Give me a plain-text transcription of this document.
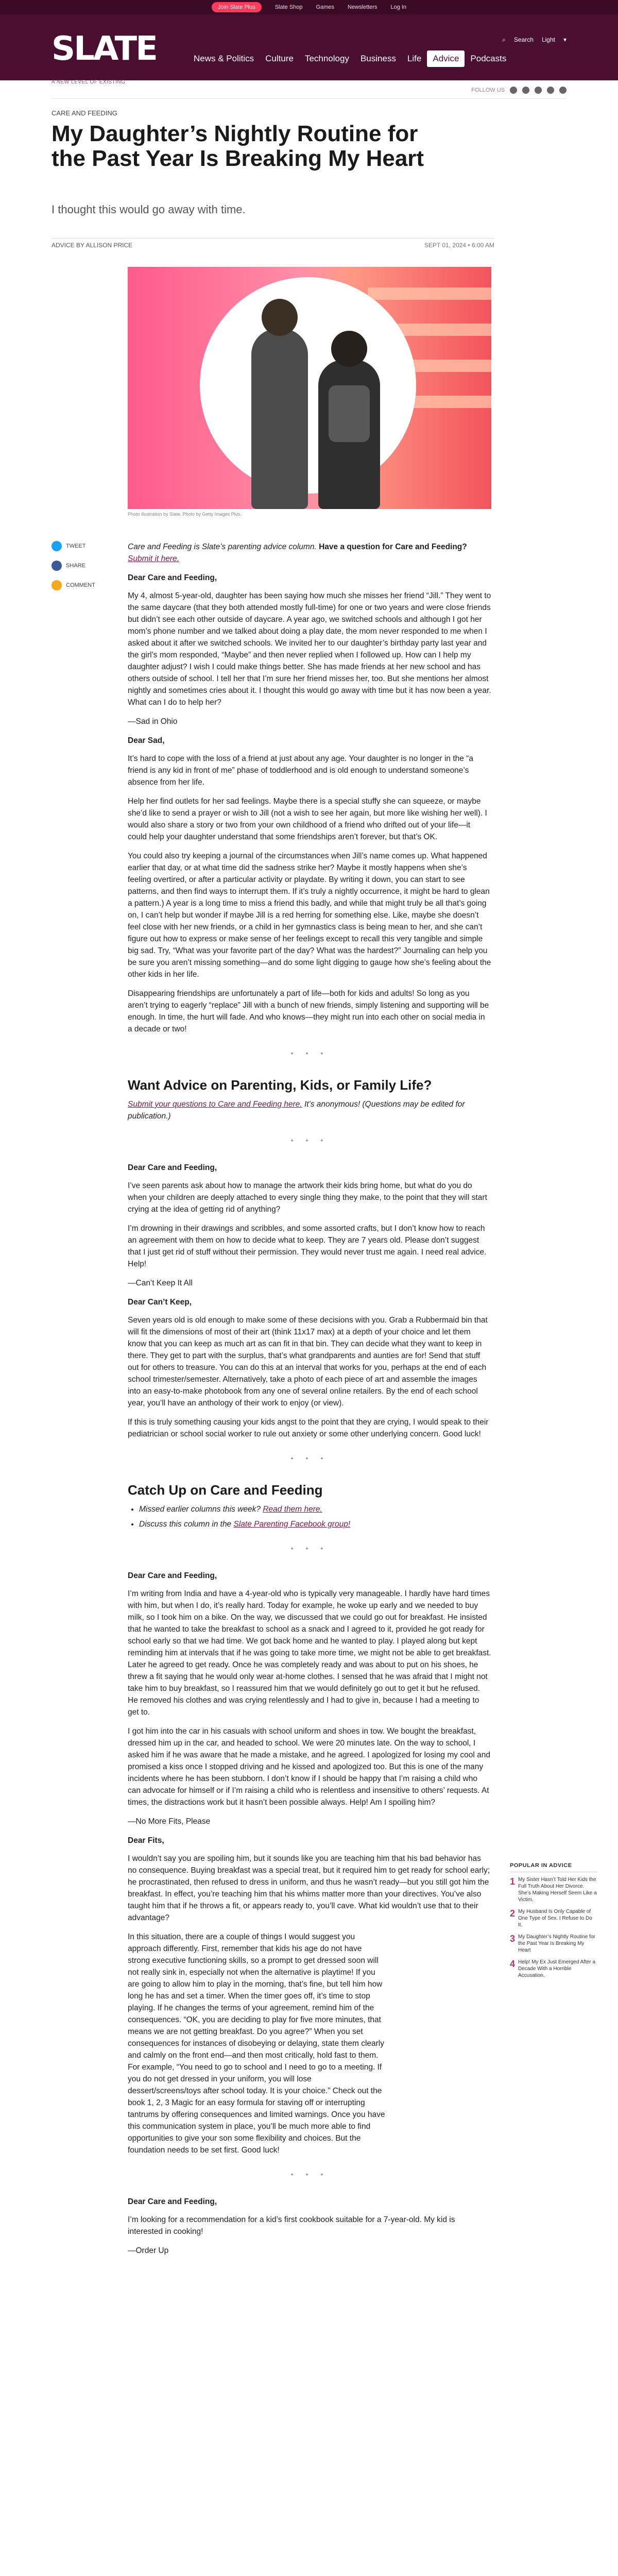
Join Slate Plus	Slate Shop Games Newsletters Log In
SLATE
A NEW LEVEL OF EXISTING
News & Politics	Culture	Technology	Business	Life	Advice	Podcasts
⌕ Search Light ▾
FOLLOW US
CARE AND FEEDING
My Daughter’s Nightly Routine for the Past Year Is Breaking My Heart
I thought this would go away with time.
ADVICE BY ALLISON PRICE	SEPT 01, 2024 • 6:00 AM
Photo illustration by Slate. Photo by Getty Images Plus.
TWEET
SHARE
COMMENT

Care and Feeding is Slate’s parenting advice column. Have a question for Care and Feeding? Submit it here.

Dear Care and Feeding,

My 4, almost 5-year-old, daughter has been saying how much she misses her friend “Jill.” They went to the same daycare (that they both attended mostly full-time) for one or two years and were close friends but didn’t see each other outside of daycare. A year ago, we switched schools and although I got her mom’s phone number and we talked about doing a play date, the mom never responded to me when I asked about it after we switched schools. We invited her to our daughter’s birthday party last year and the girl’s mom responded, “Maybe” and then never replied when I followed up. How can I help my daughter adjust? I wish I could make things better. She has made friends at her new school and has others outside of school. I tell her that I’m sure her friend misses her, too. But she mentions her almost nightly and sometimes cries about it. I thought this would go away with time but it has now been a year. What can I do to help her?

—Sad in Ohio

Dear Sad,

It’s hard to cope with the loss of a friend at just about any age. Your daughter is no longer in the “a friend is any kid in front of me” phase of toddlerhood and is old enough to understand someone’s absence from her life.

Help her find outlets for her sad feelings. Maybe there is a special stuffy she can squeeze, or maybe she’d like to send a prayer or wish to Jill (not a wish to see her again, but more like wishing her well). I would also share a story or two from your own childhood of a friend who drifted out of your life—it could help your daughter understand that some friendships aren’t forever, but that’s OK.

You could also try keeping a journal of the circumstances when Jill’s name comes up. What happened earlier that day, or at what time did the sadness strike her? Maybe it mostly happens when she’s feeling overtired, or after a particular activity or playdate. By writing it down, you can start to see patterns, and then find ways to interrupt them. If it’s truly a nightly occurrence, it might be hard to glean a pattern.) A year is a long time to miss a friend this badly, and while that might truly be all that’s going on, I can’t help but wonder if maybe Jill is a red herring for something else. Like, maybe she doesn’t feel close with her new friends, or a child in her gymnastics class is being mean to her, and she can’t figure out how to express or make sense of her feelings except to recall this very tangible and simple big sad. Try, “What was your favorite part of the day? What was the hardest?” Journaling can help you be sure you aren’t missing something—and do some light digging to gauge how she’s feeling about the other kids in her life.

Disappearing friendships are unfortunately a part of life—both for kids and adults! So long as you aren’t trying to eagerly “replace” Jill with a bunch of new friends, simply listening and supporting will be enough. In time, the hurt will fade. And who knows—they might run into each other on social media in a decade or two!

• • •
Want Advice on Parenting, Kids, or Family Life?

Submit your questions to Care and Feeding here. It’s anonymous! (Questions may be edited for publication.)

• • •

Dear Care and Feeding,

I’ve seen parents ask about how to manage the artwork their kids bring home, but what do you do when your children are deeply attached to every single thing they make, to the point that they will start crying at the idea of getting rid of anything?

I’m drowning in their drawings and scribbles, and some assorted crafts, but I don’t know how to reach an agreement with them on how to decide what to keep. They are 7 years old. Please don’t suggest that I just get rid of stuff without their permission. They would never trust me again. I need real advice. Help!

—Can’t Keep It All

Dear Can’t Keep,

Seven years old is old enough to make some of these decisions with you. Grab a Rubbermaid bin that will fit the dimensions of most of their art (think 11x17 max) at a depth of your choice and let them know that you can keep as much art as can fit in that bin. They can decide what they want to keep in there. They get to part with the surplus, that’s what grandparents and aunties are for! Send that stuff out for others to treasure. You can do this at an interval that works for you, perhaps at the end of each school trimester/semester. Alternatively, take a photo of each piece of art and assemble the images into an easy-to-make photobook from any one of several online retailers. By the end of each school year, you’ll have an anthology of their work to enjoy (or view).

If this is truly something causing your kids angst to the point that they are crying, I would speak to their pediatrician or school social worker to rule out anxiety or some other underlying concern. Good luck!

• • •
Catch Up on Care and Feeding
• Missed earlier columns this week? Read them here.
• Discuss this column in the Slate Parenting Facebook group!
• • •

Dear Care and Feeding,

I’m writing from India and have a 4-year-old who is typically very manageable. I hardly have hard times with him, but when I do, it’s really hard. Today for example, he woke up early and we needed to buy milk, so I took him on a bike. On the way, we discussed that we could go out for breakfast. He insisted that he wanted to take the breakfast to school as a snack and I agreed to it, provided he got ready for school early so that we had time. We got back home and he wanted to play. I played along but kept reminding him at intervals that if he was going to take more time, we might not be able to get breakfast. Later he agreed to get ready. Once he was completely ready and was about to put on his shoes, he threw a fit saying that he would only wear at-home clothes. I sensed that he was afraid that I might not take him to buy breakfast, so I reassured him that we would definitely go out to get it but he refused. He removed his clothes and was crying relentlessly and I had to give in, because I had a meeting to get to.

I got him into the car in his casuals with school uniform and shoes in tow. We bought the breakfast, dressed him up in the car, and headed to school. We were 20 minutes late. On the way to school, I asked him if he was aware that he made a mistake, and he agreed. I apologized for losing my cool and promised a kiss once I stopped driving and he kissed and apologized too. But this is one of the many incidents where he has been stubborn. I don’t know if I should be happy that I’m raising a child who can advocate for himself or if I’m raising a child who is relentless and insensitive to others’ requests. At times, the distractions work but it hasn’t been possible always. Help! Am I spoiling him?

—No More Fits, Please

Dear Fits,

I wouldn’t say you are spoiling him, but it sounds like you are teaching him that his bad behavior has no consequence. Buying breakfast was a special treat, but it required him to get ready for school early; he procrastinated, then refused to dress in uniform, and thus he wasn’t ready—but you still got him the breakfast. In effect, you’re teaching him that his whims matter more than your directives. You’ve also taught him that if he throws a fit, or appears ready to, you’ll cave. What kid wouldn’t use that to their advantage?

In this situation, there are a couple of things I would suggest you approach differently. First, remember that kids his age do not have strong executive functioning skills, so a prompt to get dressed soon will not really sink in, especially not when the alternative is playtime! If you are going to allow him to play in the morning, that’s fine, but tell him how long he has and set a timer. When the timer goes off, it’s time to stop playing. If he changes the terms of your agreement, remind him of the consequences. “OK, you are deciding to play for five more minutes, that means we are not getting breakfast. Do you agree?” When you set consequences for instances of disobeying or delaying, state them clearly and calmly on the front end—and then most critically, hold fast to them. For example, “You need to go to school and I need to go to a meeting. If you do not get dressed in your uniform, you will lose dessert/screens/toys after school today. It is your choice.” Check out the book 1, 2, 3 Magic for an easy formula for staving off or interrupting tantrums by offering consequences and limited warnings. Once you have this communication system in place, you’ll be much more able to find opportunities to give your son some flexibility and choices. But the foundation needs to be set first. Good luck!

• • •

Dear Care and Feeding,

I’m looking for a recommendation for a kid’s first cookbook suitable for a 7-year-old. My kid is interested in cooking!

—Order Up

POPULAR IN ADVICE
1 My Sister Hasn’t Told Her Kids the Full Truth About Her Divorce. She’s Making Herself Seem Like a Victim.
2 My Husband Is Only Capable of One Type of Sex. I Refuse to Do It.
3 My Daughter’s Nightly Routine for the Past Year Is Breaking My Heart
4 Help! My Ex Just Emerged After a Decade With a Horrible Accusation.
